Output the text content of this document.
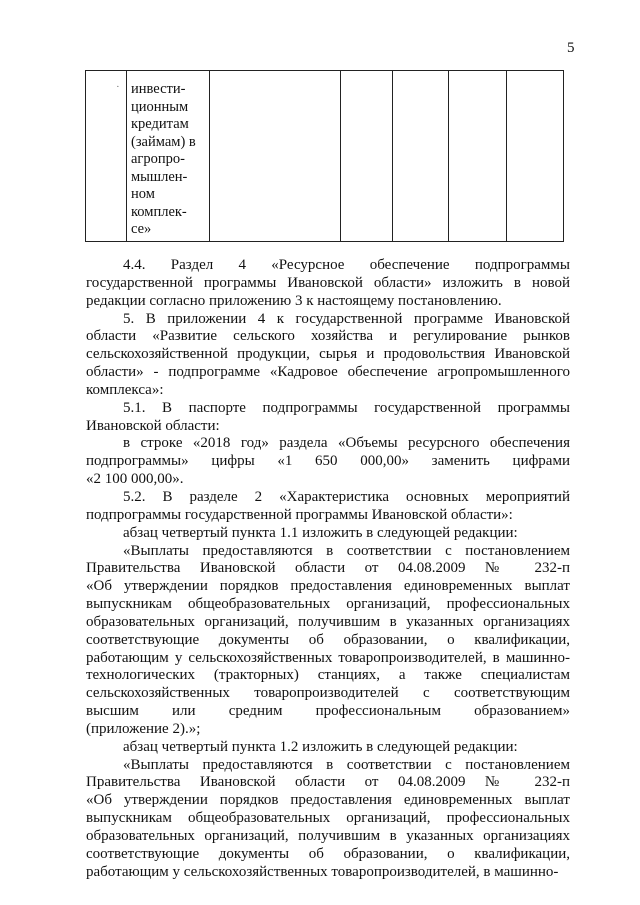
5
·	инвести-
ционным
кредитам
(займам) в
агропро-
мышлен-
ном
комплек-
се»

4.4. Раздел 4 «Ресурсное обеспечение подпрограммы
государственной программы Ивановской области» изложить в новой
редакции согласно приложению 3 к настоящему постановлению.
5. В приложении 4 к государственной программе Ивановской
области «Развитие сельского хозяйства и регулирование рынков
сельскохозяйственной продукции, сырья и продовольствия Ивановской
области» - подпрограмме «Кадровое обеспечение агропромышленного
комплекса»:
5.1. В паспорте подпрограммы государственной программы
Ивановской области:
в строке «2018 год» раздела «Объемы ресурсного обеспечения
подпрограммы» цифры «1 650 000,00» заменить цифрами
«2 100 000,00».
5.2. В разделе 2 «Характеристика основных мероприятий
подпрограммы государственной программы Ивановской области»:
абзац четвертый пункта 1.1 изложить в следующей редакции:
«Выплаты предоставляются в соответствии с постановлением
Правительства Ивановской области от 04.08.2009 № 232-п
«Об утверждении порядков предоставления единовременных выплат
выпускникам общеобразовательных организаций, профессиональных
образовательных организаций, получившим в указанных организациях
соответствующие документы об образовании, о квалификации,
работающим у сельскохозяйственных товаропроизводителей, в машинно-
технологических (тракторных) станциях, а также специалистам
сельскохозяйственных товаропроизводителей с соответствующим
высшим или средним профессиональным образованием»
(приложение 2).»;
абзац четвертый пункта 1.2 изложить в следующей редакции:
«Выплаты предоставляются в соответствии с постановлением
Правительства Ивановской области от 04.08.2009 № 232-п
«Об утверждении порядков предоставления единовременных выплат
выпускникам общеобразовательных организаций, профессиональных
образовательных организаций, получившим в указанных организациях
соответствующие документы об образовании, о квалификации,
работающим у сельскохозяйственных товаропроизводителей, в машинно-
